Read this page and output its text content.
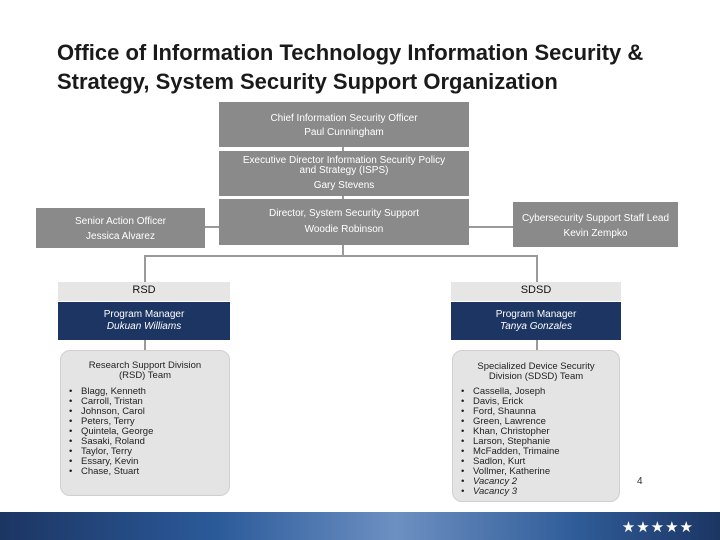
Office of Information Technology Information Security & Strategy, System Security Support Organization
Chief Information Security Officer
Paul Cunningham
Executive Director Information Security Policy
and Strategy (ISPS)
Gary Stevens
Director, System Security Support
Woodie Robinson
Senior Action Officer
Jessica Alvarez
Cybersecurity Support Staff Lead
Kevin Zempko
RSD
Program Manager
Dukuan Williams
Research Support Division
(RSD) Team
• Blagg, Kenneth
• Carroll, Tristan
• Johnson, Carol
• Peters, Terry
• Quintela, George
• Sasaki, Roland
• Taylor, Terry
• Essary, Kevin
• Chase, Stuart
SDSD
Program Manager
Tanya Gonzales
Specialized Device Security
Division (SDSD) Team
• Cassella, Joseph
• Davis, Erick
• Ford, Shaunna
• Green, Lawrence
• Khan, Christopher
• Larson, Stephanie
• McFadden, Trimaine
• Sadlon, Kurt
• Vollmer, Katherine
• Vacancy 2
• Vacancy 3
4
★★★★★
